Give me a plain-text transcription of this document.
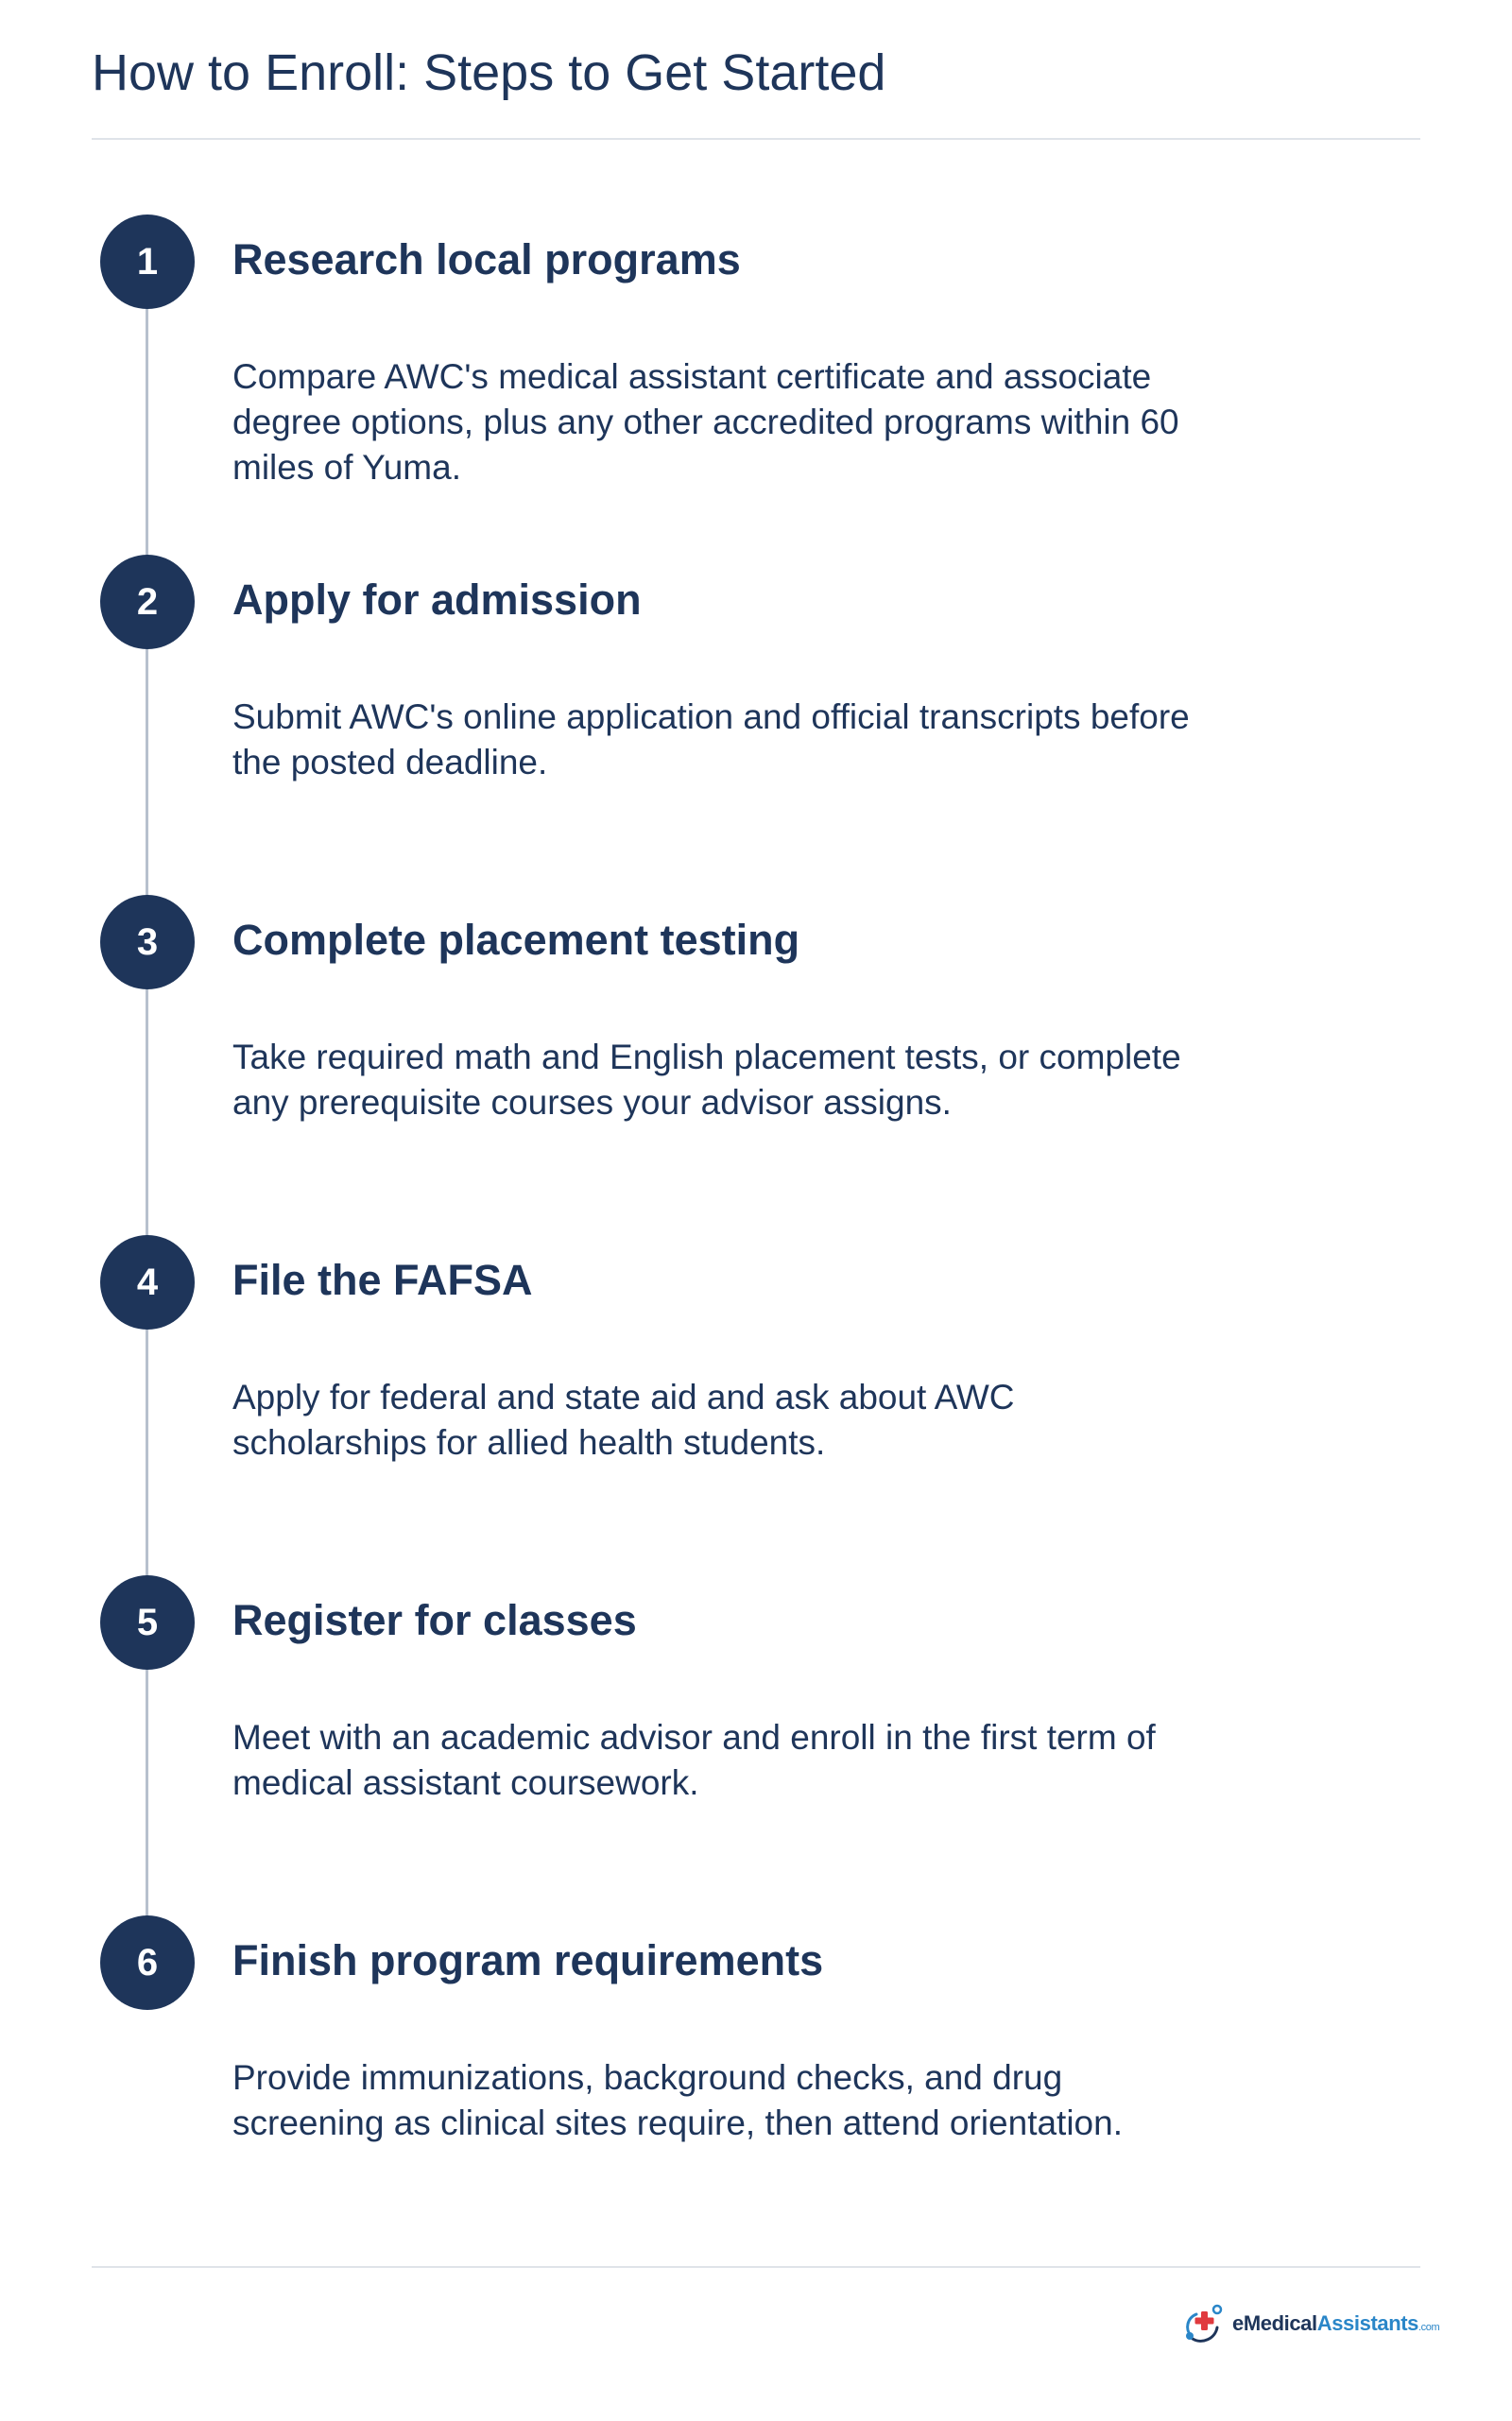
How to Enroll: Steps to Get Started
1	Research local programs

Compare AWC's medical assistant certificate and associate degree options, plus any other accredited programs within 60 miles of Yuma.

2	Apply for admission

Submit AWC's online application and official transcripts before the posted deadline.

3	Complete placement testing

Take required math and English placement tests, or complete any prerequisite courses your advisor assigns.

4	File the FAFSA

Apply for federal and state aid and ask about AWC scholarships for allied health students.

5	Register for classes

Meet with an academic advisor and enroll in the first term of medical assistant coursework.

6	Finish program requirements

Provide immunizations, background checks, and drug screening as clinical sites require, then attend orientation.

eMedicalAssistants.com
